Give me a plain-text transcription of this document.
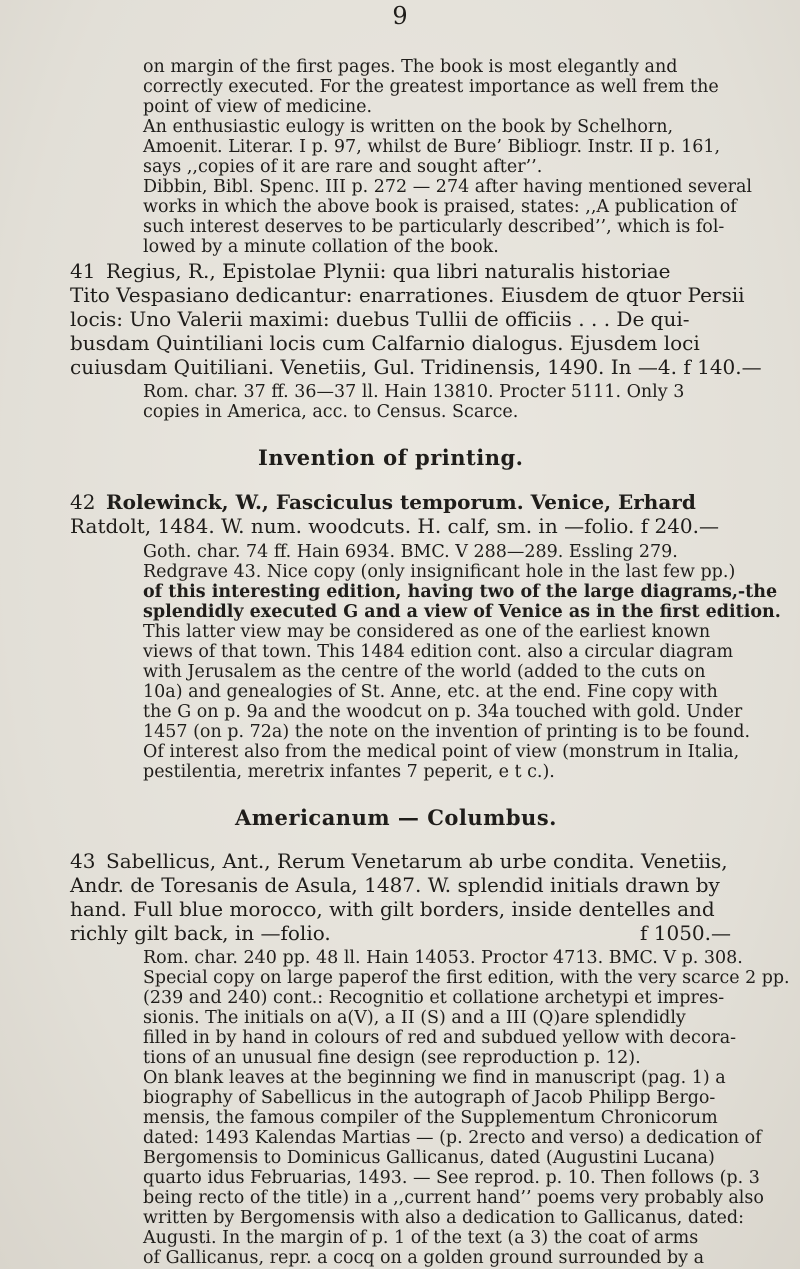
9
on margin of the first pages. The book is most elegantly and
correctly executed. For the greatest importance as well frem the
point of view of medicine.
An enthusiastic eulogy is written on the book by Schelhorn,
Amoenit. Literar. I p. 97, whilst de Bure’ Bibliogr. Instr. II p. 161,
says ,,copies of it are rare and sought after’’.
Dibbin, Bibl. Spenc. III p. 272 — 274 after having mentioned several
works in which the above book is praised, states: ,,A publication of
such interest deserves to be particularly described’’, which is fol-
lowed by a minute collation of the book.
41 Regius, R., Epistolae Plynii: qua libri naturalis historiae
Tito Vespasiano dedicantur: enarrationes. Eiusdem de qtuor Persii
locis: Uno Valerii maximi: duebus Tullii de officiis . . . De qui-
busdam Quintiliani locis cum Calfarnio dialogus. Ejusdem loci
cuiusdam Quitiliani. Venetiis, Gul. Tridinensis, 1490. In —4. f 140.—
Rom. char. 37 ff. 36—37 ll. Hain 13810. Procter 5111. Only 3
copies in America, acc. to Census. Scarce.
Invention of printing.
42 Rolewinck, W., Fasciculus temporum. Venice, Erhard
Ratdolt, 1484. W. num. woodcuts. H. calf, sm. in —folio. f 240.—
Goth. char. 74 ff. Hain 6934. BMC. V 288—289. Essling 279.
Redgrave 43. Nice copy (only insignificant hole in the last few pp.)
of this interesting edition, having two of the large diagrams,-the
splendidly executed G and a view of Venice as in the first edition.
This latter view may be considered as one of the earliest known
views of that town. This 1484 edition cont. also a circular diagram
with Jerusalem as the centre of the world (added to the cuts on
10a) and genealogies of St. Anne, etc. at the end. Fine copy with
the G on p. 9a and the woodcut on p. 34a touched with gold. Under
1457 (on p. 72a) the note on the invention of printing is to be found.
Of interest also from the medical point of view (monstrum in Italia,
pestilentia, meretrix infantes 7 peperit, e t c.).
Americanum — Columbus.
43 Sabellicus, Ant., Rerum Venetarum ab urbe condita. Venetiis,
Andr. de Toresanis de Asula, 1487. W. splendid initials drawn by
hand. Full blue morocco, with gilt borders, inside dentelles and
richly gilt back, in —folio.	f 1050.—
Rom. char. 240 pp. 48 ll. Hain 14053. Proctor 4713. BMC. V p. 308.
Special copy on large paperof the first edition, with the very scarce 2 pp.
(239 and 240) cont.: Recognitio et collatione archetypi et impres-
sionis. The initials on a(V), a II (S) and a III (Q)are splendidly
filled in by hand in colours of red and subdued yellow with decora-
tions of an unusual fine design (see reproduction p. 12).
On blank leaves at the beginning we find in manuscript (pag. 1) a
biography of Sabellicus in the autograph of Jacob Philipp Bergo-
mensis, the famous compiler of the Supplementum Chronicorum
dated: 1493 Kalendas Martias — (p. 2recto and verso) a dedication of
Bergomensis to Dominicus Gallicanus, dated (Augustini Lucana)
quarto idus Februarias, 1493. — See reprod. p. 10. Then follows (p. 3
being recto of the title) in a ,,current hand’’ poems very probably also
written by Bergomensis with also a dedication to Gallicanus, dated:
Augusti. In the margin of p. 1 of the text (a 3) the coat of arms
of Gallicanus, repr. a cocq on a golden ground surrounded by a
